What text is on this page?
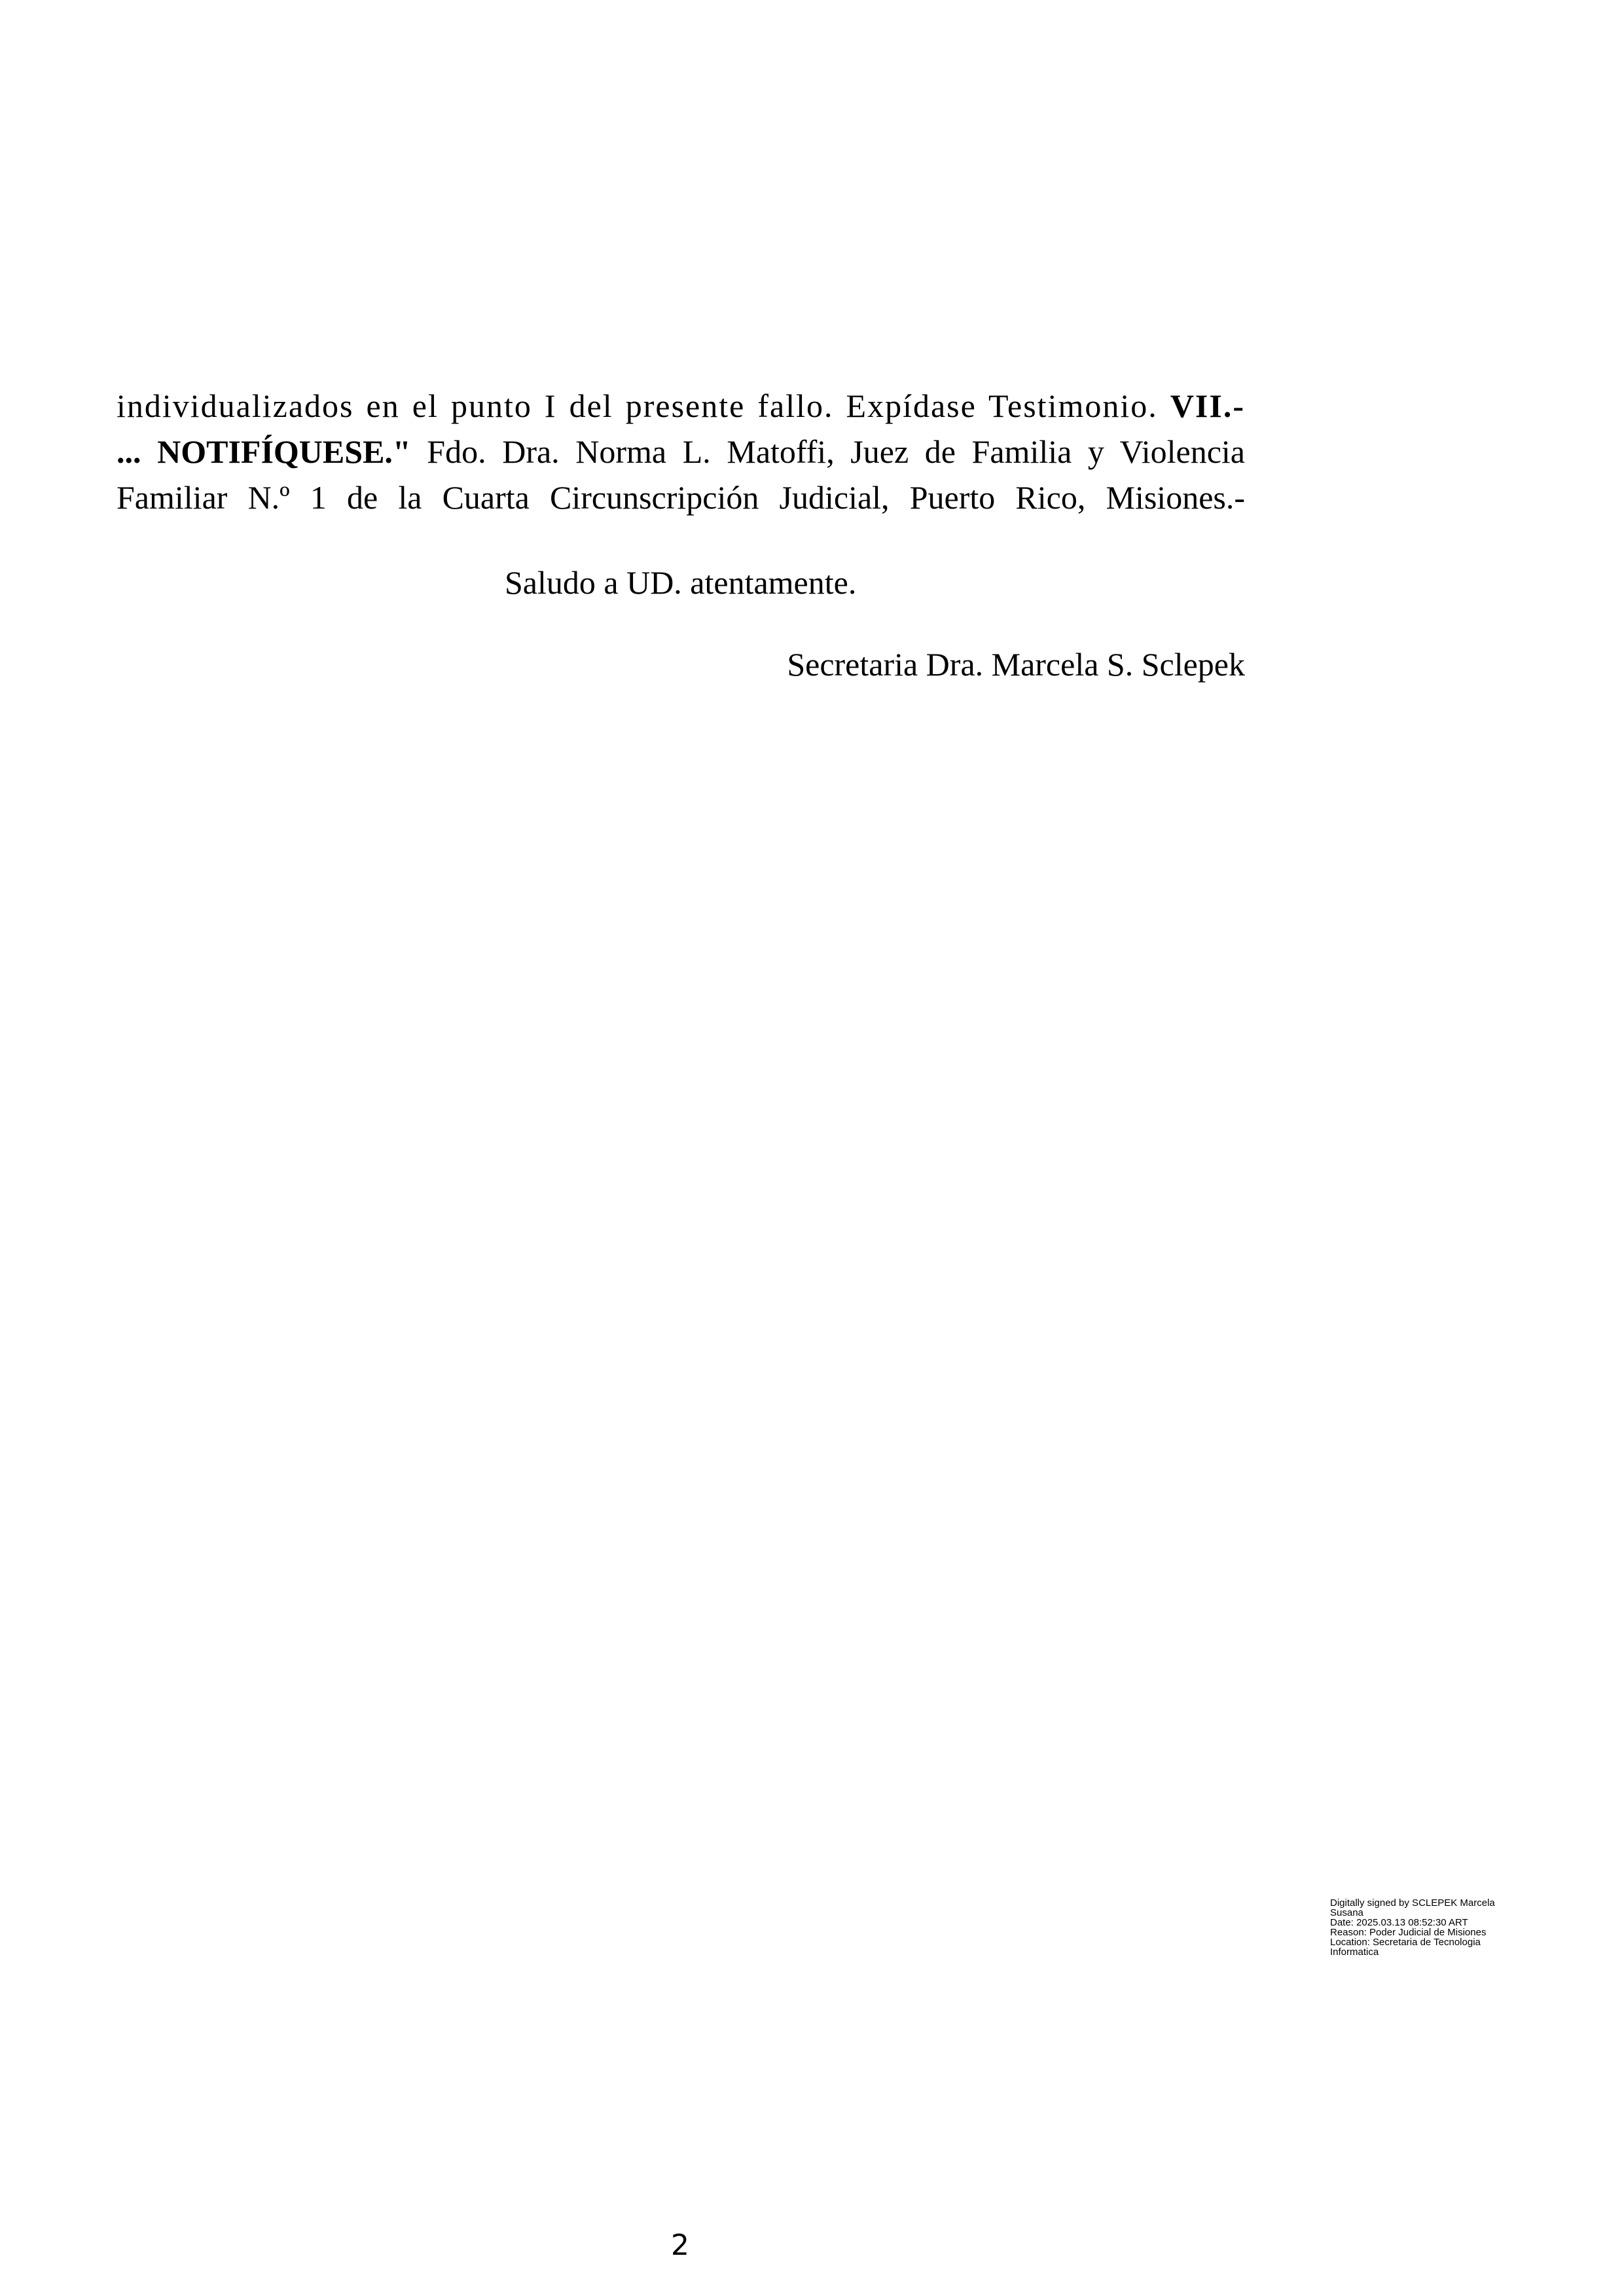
individualizados en el punto I del presente fallo. Expídase Testimonio. VII.-
... NOTIFÍQUESE." Fdo. Dra. Norma L. Matoffi, Juez de Familia y Violencia
Familiar N.º 1 de la Cuarta Circunscripción Judicial, Puerto Rico, Misiones.-
Saludo a UD. atentamente.
Secretaria Dra. Marcela S. Sclepek
Digitally signed by SCLEPEK Marcela
Susana
Date: 2025.03.13 08:52:30 ART
Reason: Poder Judicial de Misiones
Location: Secretaria de Tecnologia
Informatica
2
